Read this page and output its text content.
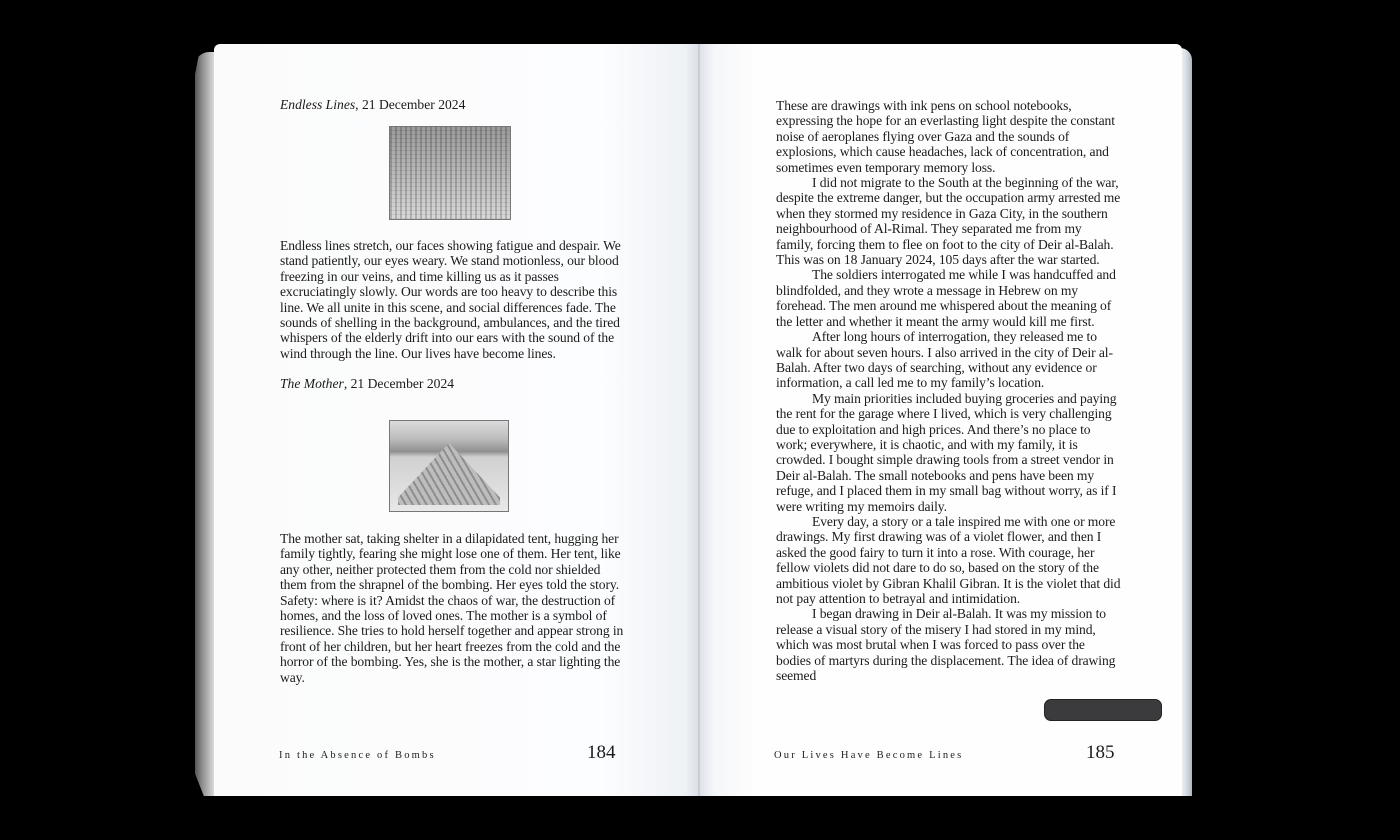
Endless Lines, 21 December 2024

Endless lines stretch, our faces showing fatigue and despair. We stand patiently, our eyes weary. We stand motionless, our blood freezing in our veins, and time killing us as it passes excruciatingly slowly. Our words are too heavy to describe this line. We all unite in this scene, and social differences fade. The sounds of shelling in the background, ambulances, and the tired whispers of the elderly drift into our ears with the sound of the wind through the line. Our lives have become lines.

The Mother, 21 December 2024

The mother sat, taking shelter in a dilapidated tent, hugging her family tightly, fearing she might lose one of them. Her tent, like any other, neither protected them from the cold nor shielded them from the shrapnel of the bombing. Her eyes told the story. Safety: where is it? Amidst the chaos of war, the destruction of homes, and the loss of loved ones. The mother is a symbol of resilience. She tries to hold herself together and appear strong in front of her children, but her heart freezes from the cold and the horror of the bombing. Yes, she is the mother, a star lighting the way.

In the Absence of Bombs	184

These are drawings with ink pens on school notebooks, expressing the hope for an everlasting light despite the constant noise of aeroplanes flying over Gaza and the sounds of explosions, which cause headaches, lack of concentration, and sometimes even temporary memory loss.

I did not migrate to the South at the beginning of the war, despite the extreme danger, but the occupation army arrested me when they stormed my residence in Gaza City, in the southern neighbourhood of Al-Rimal. They separated me from my family, forcing them to flee on foot to the city of Deir al-Balah. This was on 18 January 2024, 105 days after the war started.

The soldiers interrogated me while I was handcuffed and blindfolded, and they wrote a message in Hebrew on my forehead. The men around me whispered about the meaning of the letter and whether it meant the army would kill me first.

After long hours of interrogation, they released me to walk for about seven hours. I also arrived in the city of Deir al-Balah. After two days of searching, without any evidence or information, a call led me to my family’s location.

My main priorities included buying groceries and paying the rent for the garage where I lived, which is very challenging due to exploitation and high prices. And there’s no place to work; everywhere, it is chaotic, and with my family, it is crowded. I bought simple drawing tools from a street vendor in Deir al-Balah. The small notebooks and pens have been my refuge, and I placed them in my small bag without worry, as if I were writing my memoirs daily.

Every day, a story or a tale inspired me with one or more drawings. My first drawing was of a violet flower, and then I asked the good fairy to turn it into a rose. With courage, her fellow violets did not dare to do so, based on the story of the ambitious violet by Gibran Khalil Gibran. It is the violet that did not pay attention to betrayal and intimidation.

I began drawing in Deir al-Balah. It was my mission to release a visual story of the misery I had stored in my mind, which was most brutal when I was forced to pass over the bodies of martyrs during the displacement. The idea of drawing seemed

Our Lives Have Become Lines	185
